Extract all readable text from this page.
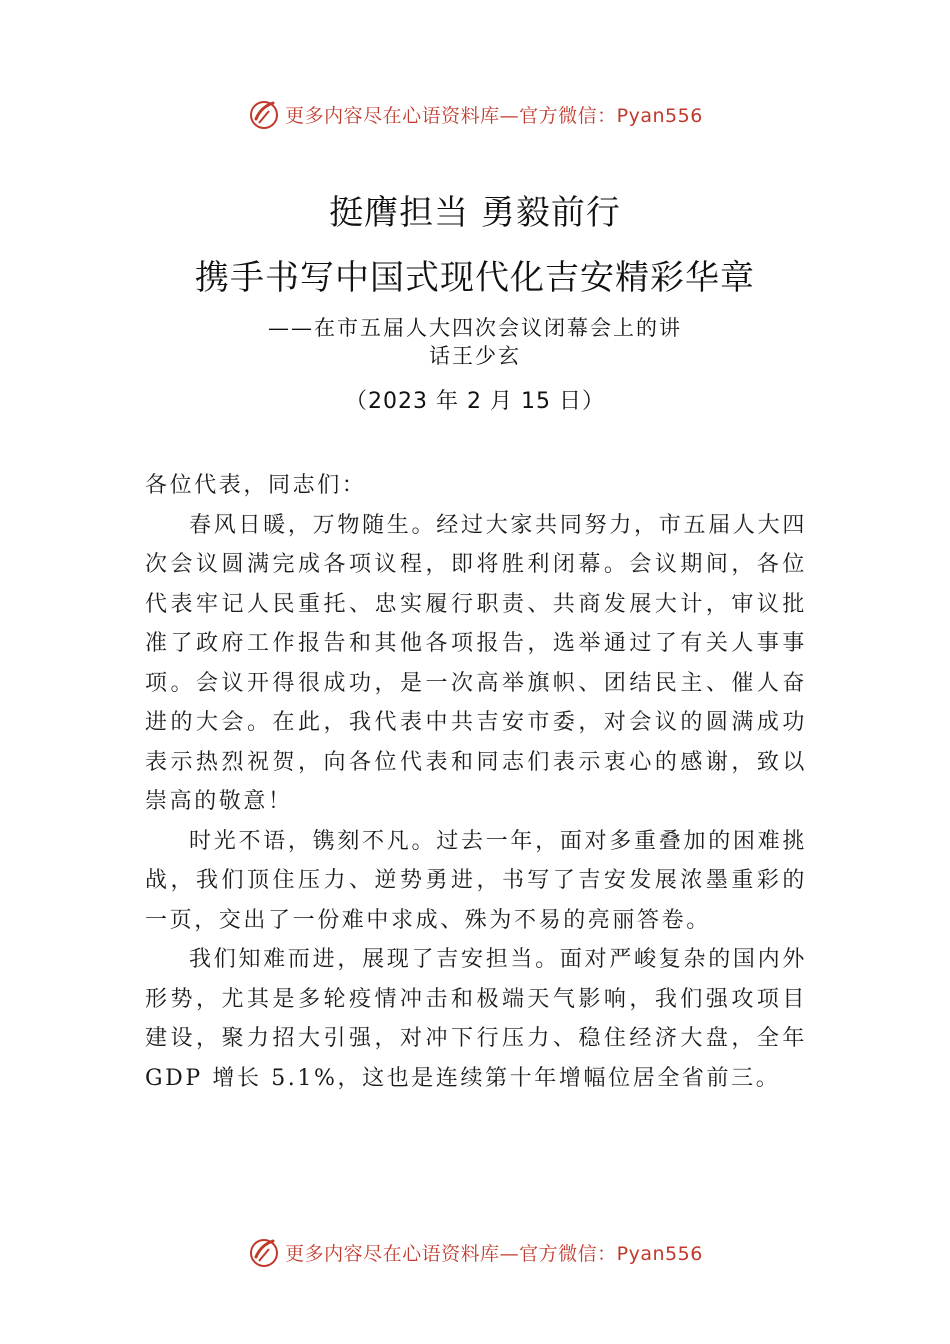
更多内容尽在心语资料库—官方微信：Pyan556
挺膺担当 勇毅前行
携手书写中国式现代化吉安精彩华章
——在市五届人大四次会议闭幕会上的讲
话王少玄
（2023 年 2 月 15 日）

各位代表，同志们：

春风日暖，万物随生。经过大家共同努力，市五届人大四次会议圆满完成各项议程，即将胜利闭幕。会议期间，各位代表牢记人民重托、忠实履行职责、共商发展大计，审议批准了政府工作报告和其他各项报告，选举通过了有关人事事项。会议开得很成功，是一次高举旗帜、团结民主、催人奋进的大会。在此，我代表中共吉安市委，对会议的圆满成功表示热烈祝贺，向各位代表和同志们表示衷心的感谢，致以崇高的敬意！

时光不语，镌刻不凡。过去一年，面对多重叠加的困难挑战，我们顶住压力、逆势勇进，书写了吉安发展浓墨重彩的一页，交出了一份难中求成、殊为不易的亮丽答卷。

我们知难而进，展现了吉安担当。面对严峻复杂的国内外形势，尤其是多轮疫情冲击和极端天气影响，我们强攻项目建设，聚力招大引强，对冲下行压力、稳住经济大盘，全年 GDP 增长 5.1%，这也是连续第十年增幅位居全省前三。

更多内容尽在心语资料库—官方微信：Pyan556
